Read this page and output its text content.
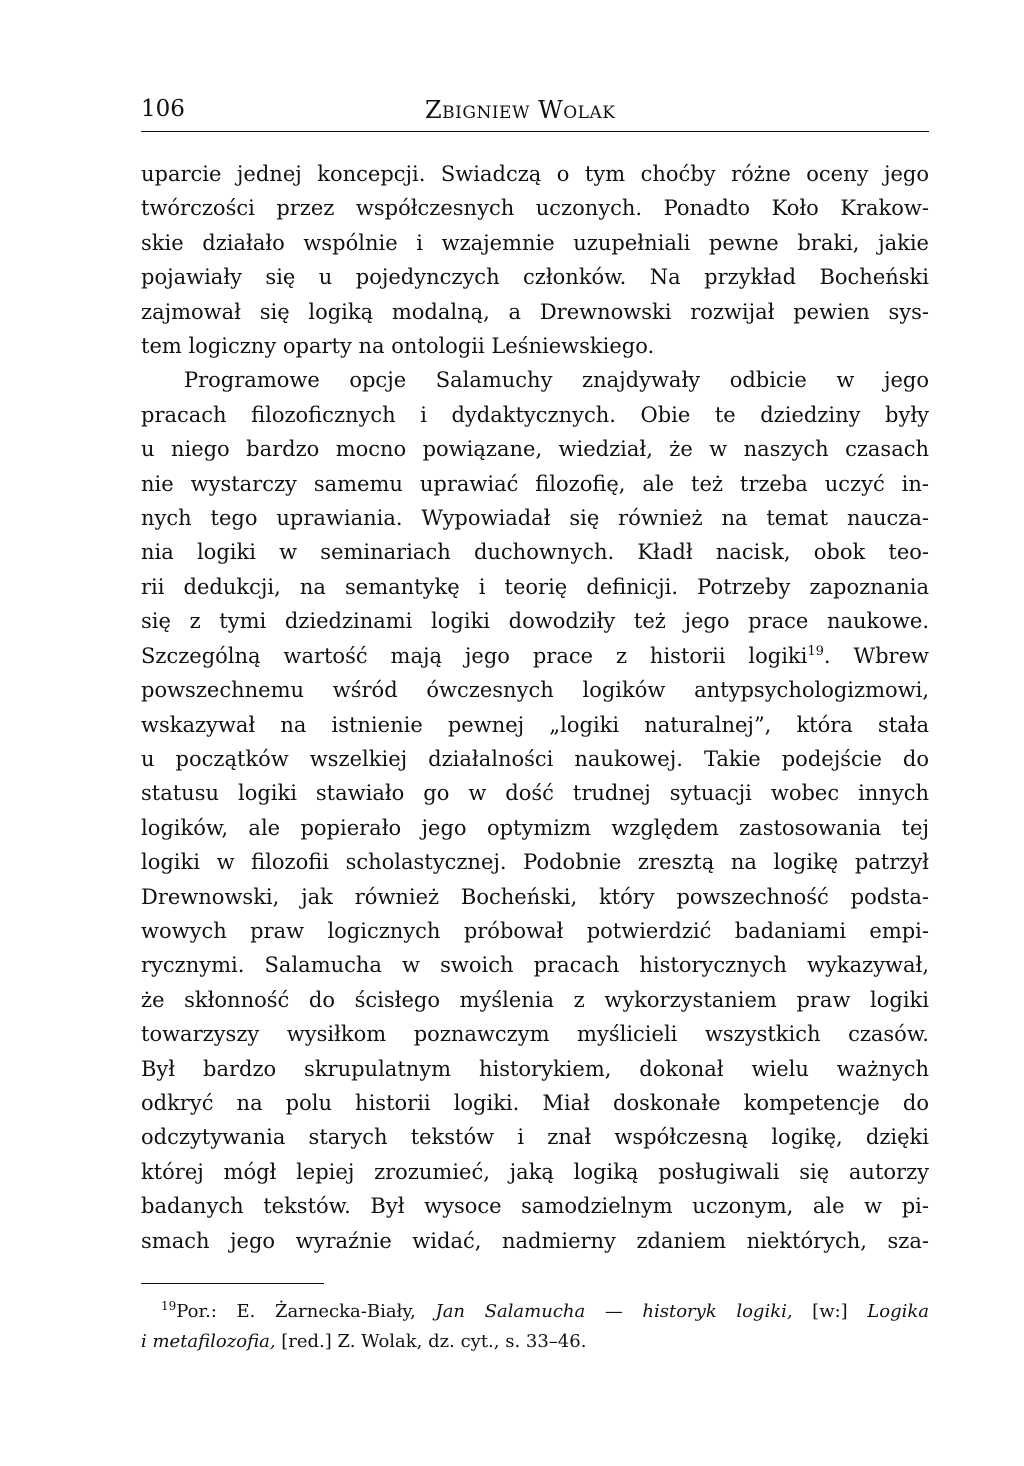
106	Zbigniew Wolak
uparcie jednej koncepcji. Swiadczą o tym choćby różne oceny jego
twórczości przez współczesnych uczonych. Ponadto Koło Krakow-
skie działało wspólnie i wzajemnie uzupełniali pewne braki, jakie
pojawiały się u pojedynczych członków. Na przykład Bocheński
zajmował się logiką modalną, a Drewnowski rozwijał pewien sys-
tem logiczny oparty na ontologii Leśniewskiego.
Programowe opcje Salamuchy znajdywały odbicie w jego
pracach filozoficznych i dydaktycznych. Obie te dziedziny były
u niego bardzo mocno powiązane, wiedział, że w naszych czasach
nie wystarczy samemu uprawiać filozofię, ale też trzeba uczyć in-
nych tego uprawiania. Wypowiadał się również na temat naucza-
nia logiki w seminariach duchownych. Kładł nacisk, obok teo-
rii dedukcji, na semantykę i teorię definicji. Potrzeby zapoznania
się z tymi dziedzinami logiki dowodziły też jego prace naukowe.
Szczególną wartość mają jego prace z historii logiki$^{19}$. Wbrew
powszechnemu wśród ówczesnych logików antypsychologizmowi,
wskazywał na istnienie pewnej „logiki naturalnej”, która stała
u początków wszelkiej działalności naukowej. Takie podejście do
statusu logiki stawiało go w dość trudnej sytuacji wobec innych
logików, ale popierało jego optymizm względem zastosowania tej
logiki w filozofii scholastycznej. Podobnie zresztą na logikę patrzył
Drewnowski, jak również Bocheński, który powszechność podsta-
wowych praw logicznych próbował potwierdzić badaniami empi-
rycznymi. Salamucha w swoich pracach historycznych wykazywał,
że skłonność do ścisłego myślenia z wykorzystaniem praw logiki
towarzyszy wysiłkom poznawczym myślicieli wszystkich czasów.
Był bardzo skrupulatnym historykiem, dokonał wielu ważnych
odkryć na polu historii logiki. Miał doskonałe kompetencje do
odczytywania starych tekstów i znał współczesną logikę, dzięki
której mógł lepiej zrozumieć, jaką logiką posługiwali się autorzy
badanych tekstów. Był wysoce samodzielnym uczonym, ale w pi-
smach jego wyraźnie widać, nadmierny zdaniem niektórych, sza-
$^{19}$Por.: E. Żarnecka-Biały, Jan Salamucha — historyk logiki, [w:] Logika
i metafilozofia, [red.] Z. Wolak, dz. cyt., s. 33–46.
